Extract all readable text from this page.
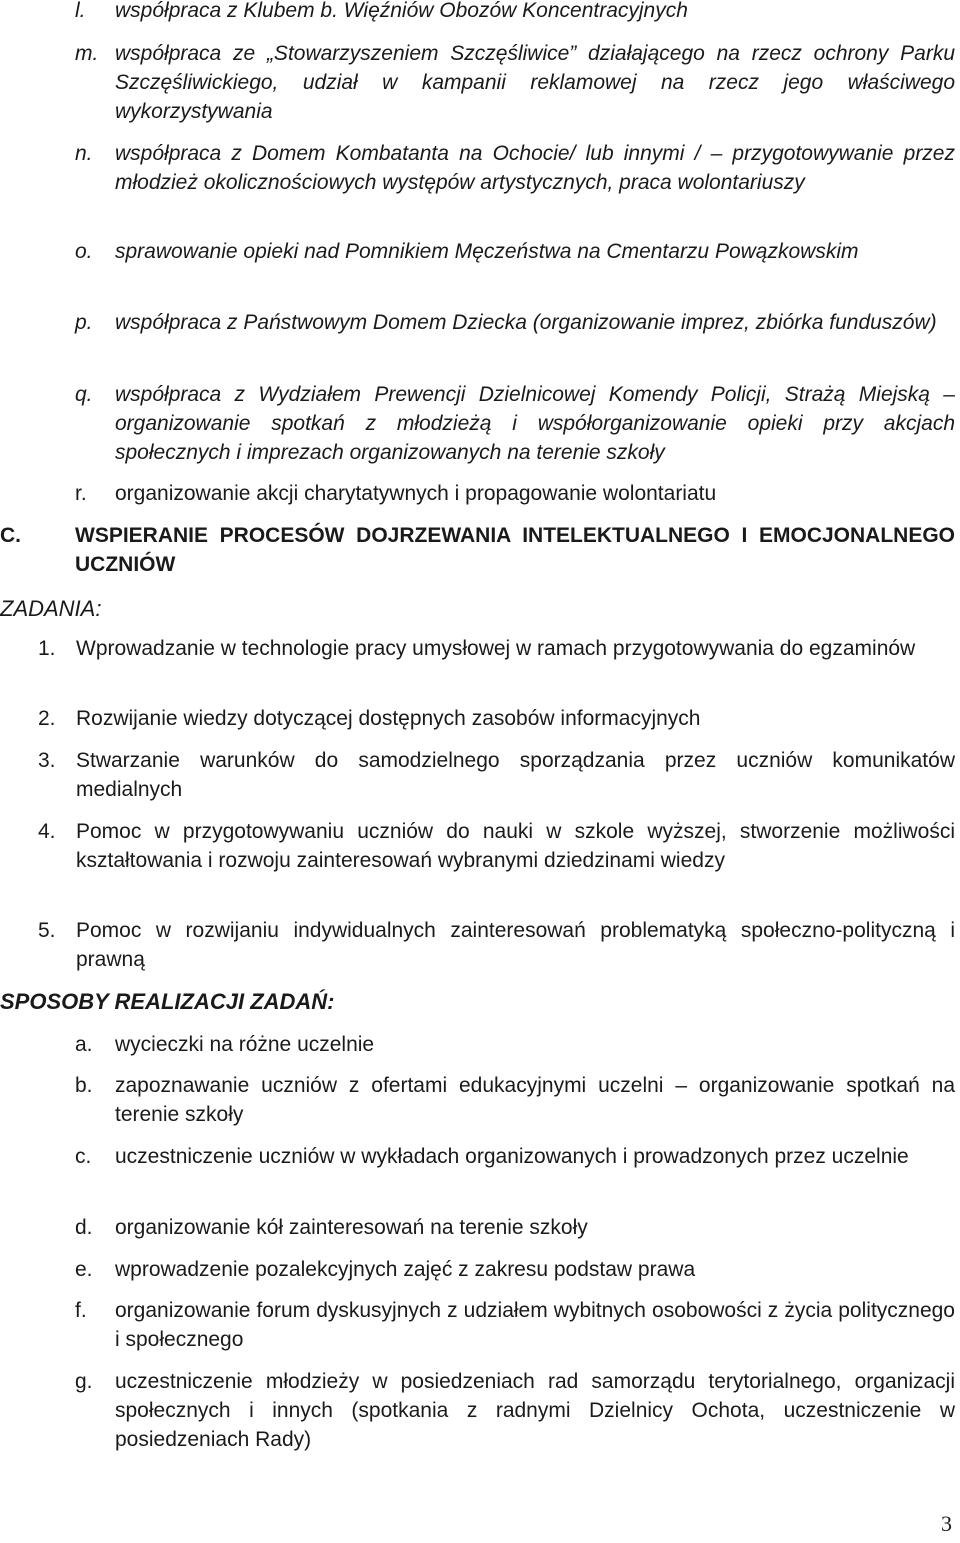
l.	współpraca z Klubem b. Więźniów Obozów Koncentracyjnych
m. współpraca ze „Stowarzyszeniem Szczęśliwice” działającego na rzecz ochrony Parku Szczęśliwickiego, udział w kampanii reklamowej na rzecz jego właściwego wykorzystywania
n.	współpraca z Domem Kombatanta na Ochocie/ lub innymi / – przygotowywanie przez młodzież okolicznościowych występów artystycznych, praca wolontariuszy
o.	sprawowanie opieki nad Pomnikiem Męczeństwa na Cmentarzu Powązkowskim
p.	współpraca z Państwowym Domem Dziecka (organizowanie imprez, zbiórka funduszów)
q.	współpraca z Wydziałem Prewencji Dzielnicowej Komendy Policji, Strażą Miejską – organizowanie spotkań z młodzieżą i współorganizowanie opieki przy akcjach społecznych i imprezach organizowanych na terenie szkoły
r.	organizowanie akcji charytatywnych i propagowanie wolontariatu
C.	WSPIERANIE PROCESÓW DOJRZEWANIA INTELEKTUALNEGO I EMOCJONALNEGO UCZNIÓW
ZADANIA:
1. Wprowadzanie w technologie pracy umysłowej w ramach przygotowywania do egzaminów
2. Rozwijanie wiedzy dotyczącej dostępnych zasobów informacyjnych
3. Stwarzanie warunków do samodzielnego sporządzania przez uczniów komunikatów medialnych
4. Pomoc w przygotowywaniu uczniów do nauki w szkole wyższej, stworzenie możliwości kształtowania i rozwoju zainteresowań wybranymi dziedzinami wiedzy
5. Pomoc w rozwijaniu indywidualnych zainteresowań problematyką społeczno-polityczną i prawną
SPOSOBY REALIZACJI ZADAŃ:
a.	wycieczki na różne uczelnie
b.	zapoznawanie uczniów z ofertami edukacyjnymi uczelni – organizowanie spotkań na terenie szkoły
c.	uczestniczenie uczniów w wykładach organizowanych i prowadzonych przez uczelnie
d.	organizowanie kół zainteresowań na terenie szkoły
e.	wprowadzenie pozalekcyjnych zajęć z zakresu podstaw prawa
f.	organizowanie forum dyskusyjnych z udziałem wybitnych osobowości z życia politycznego i społecznego
g.	uczestniczenie młodzieży w posiedzeniach rad samorządu terytorialnego, organizacji społecznych i innych (spotkania z radnymi Dzielnicy Ochota, uczestniczenie w posiedzeniach Rady)
3
